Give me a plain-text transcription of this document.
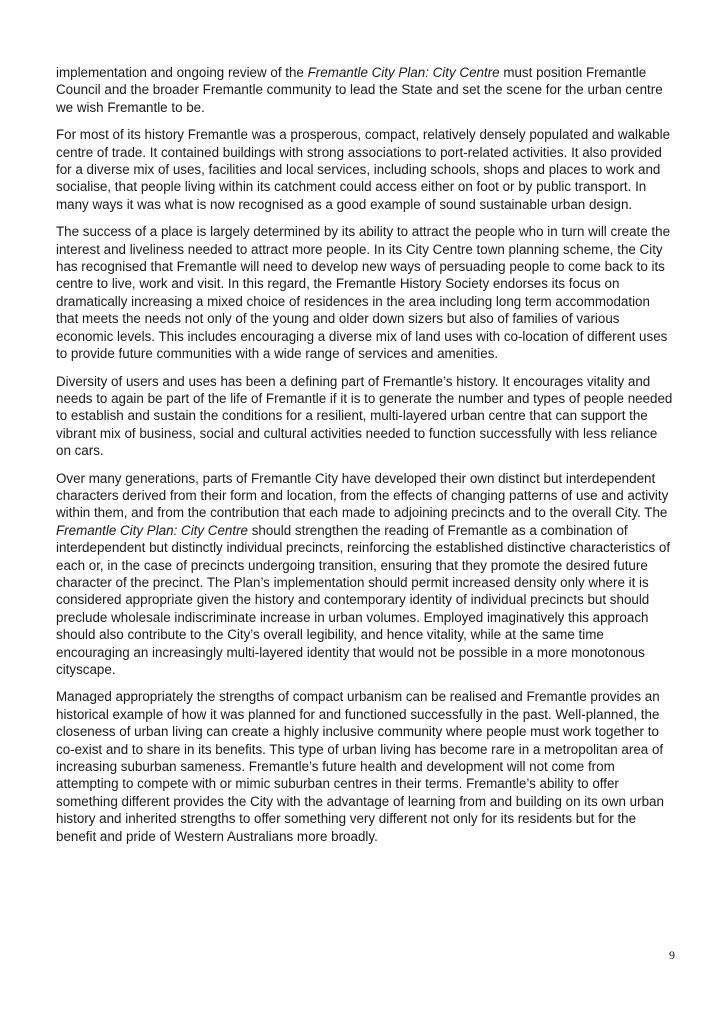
implementation and ongoing review of the Fremantle City Plan: City Centre must position Fremantle Council and the broader Fremantle community to lead the State and set the scene for the urban centre we wish Fremantle to be.

For most of its history Fremantle was a prosperous, compact, relatively densely populated and walkable centre of trade. It contained buildings with strong associations to port-related activities. It also provided for a diverse mix of uses, facilities and local services, including schools, shops and places to work and socialise, that people living within its catchment could access either on foot or by public transport. In many ways it was what is now recognised as a good example of sound sustainable urban design.

The success of a place is largely determined by its ability to attract the people who in turn will create the interest and liveliness needed to attract more people. In its City Centre town planning scheme, the City has recognised that Fremantle will need to develop new ways of persuading people to come back to its centre to live, work and visit. In this regard, the Fremantle History Society endorses its focus on dramatically increasing a mixed choice of residences in the area including long term accommodation that meets the needs not only of the young and older down sizers but also of families of various economic levels. This includes encouraging a diverse mix of land uses with co-location of different uses to provide future communities with a wide range of services and amenities.

Diversity of users and uses has been a defining part of Fremantle’s history. It encourages vitality and needs to again be part of the life of Fremantle if it is to generate the number and types of people needed to establish and sustain the conditions for a resilient, multi-layered urban centre that can support the vibrant mix of business, social and cultural activities needed to function successfully with less reliance on cars.

Over many generations, parts of Fremantle City have developed their own distinct but interdependent characters derived from their form and location, from the effects of changing patterns of use and activity within them, and from the contribution that each made to adjoining precincts and to the overall City. The Fremantle City Plan: City Centre should strengthen the reading of Fremantle as a combination of interdependent but distinctly individual precincts, reinforcing the established distinctive characteristics of each or, in the case of precincts undergoing transition, ensuring that they promote the desired future character of the precinct. The Plan’s implementation should permit increased density only where it is considered appropriate given the history and contemporary identity of individual precincts but should preclude wholesale indiscriminate increase in urban volumes. Employed imaginatively this approach should also contribute to the City’s overall legibility, and hence vitality, while at the same time encouraging an increasingly multi-layered identity that would not be possible in a more monotonous cityscape.

Managed appropriately the strengths of compact urbanism can be realised and Fremantle provides an historical example of how it was planned for and functioned successfully in the past. Well-planned, the closeness of urban living can create a highly inclusive community where people must work together to co-exist and to share in its benefits. This type of urban living has become rare in a metropolitan area of increasing suburban sameness. Fremantle’s future health and development will not come from attempting to compete with or mimic suburban centres in their terms. Fremantle’s ability to offer something different provides the City with the advantage of learning from and building on its own urban history and inherited strengths to offer something very different not only for its residents but for the benefit and pride of Western Australians more broadly.

9
